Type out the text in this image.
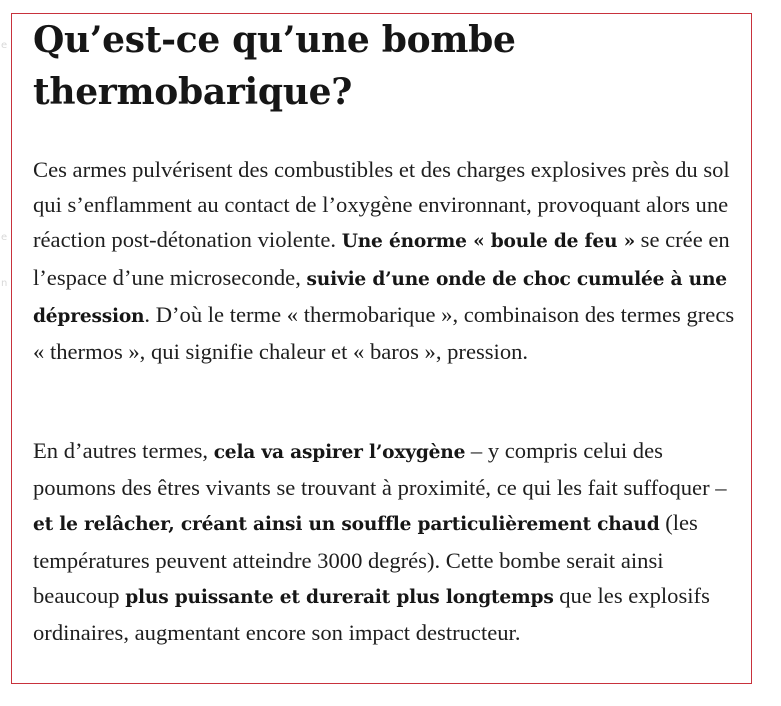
e
e
n
Qu’est-ce qu’une bombe thermobarique?

Ces armes pulvérisent des combustibles et des charges explosives près du sol qui s’enflamment au contact de l’oxygène environnant, provoquant alors une réaction post-détonation violente. Une énorme « boule de feu » se crée en l’espace d’une microseconde, suivie d’une onde de choc cumulée à une dépression. D’où le terme « thermobarique », combinaison des termes grecs « thermos », qui signifie chaleur et « baros », pression.

En d’autres termes, cela va aspirer l’oxygène – y compris celui des poumons des êtres vivants se trouvant à proximité, ce qui les fait suffoquer – et le relâcher, créant ainsi un souffle particulièrement chaud (les températures peuvent atteindre 3000 degrés). Cette bombe serait ainsi beaucoup plus puissante et durerait plus longtemps que les explosifs ordinaires, augmentant encore son impact destructeur.
